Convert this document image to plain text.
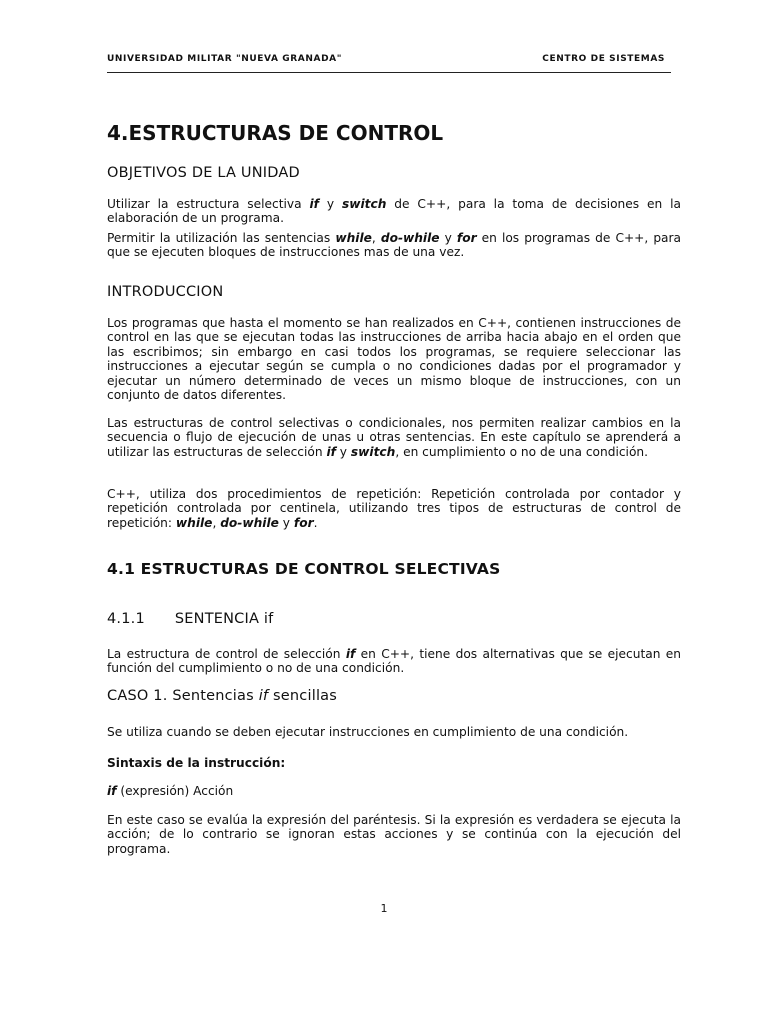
UNIVERSIDAD MILITAR "NUEVA GRANADA"	CENTRO DE SISTEMAS
4.ESTRUCTURAS DE CONTROL
OBJETIVOS DE LA UNIDAD

Utilizar la estructura selectiva if y switch de C++, para la toma de decisiones en la elaboración de un programa.

Permitir la utilización las sentencias while, do-while y for en los programas de C++, para que se ejecuten bloques de instrucciones mas de una vez.

INTRODUCCION

Los programas que hasta el momento se han realizados en C++, contienen instrucciones de control en las que se ejecutan todas las instrucciones de arriba hacia abajo en el orden que las escribimos; sin embargo en casi todos los programas, se requiere seleccionar las instrucciones a ejecutar según se cumpla o no condiciones dadas por el programador y ejecutar un número determinado de veces un mismo bloque de instrucciones, con un conjunto de datos diferentes.

Las estructuras de control selectivas o condicionales, nos permiten realizar cambios en la secuencia o flujo de ejecución de unas u otras sentencias. En este capítulo se aprenderá a utilizar las estructuras de selección if y switch, en cumplimiento o no de una condición.

C++, utiliza dos procedimientos de repetición: Repetición controlada por contador y repetición controlada por centinela, utilizando tres tipos de estructuras de control de repetición: while, do-while y for.

4.1 ESTRUCTURAS DE CONTROL SELECTIVAS
4.1.1 SENTENCIA if

La estructura de control de selección if en C++, tiene dos alternativas que se ejecutan en función del cumplimiento o no de una condición.

CASO 1. Sentencias if sencillas

Se utiliza cuando se deben ejecutar instrucciones en cumplimiento de una condición.

Sintaxis de la instrucción:

if (expresión) Acción

En este caso se evalúa la expresión del paréntesis. Si la expresión es verdadera se ejecuta la acción; de lo contrario se ignoran estas acciones y se continúa con la ejecución del programa.

1
